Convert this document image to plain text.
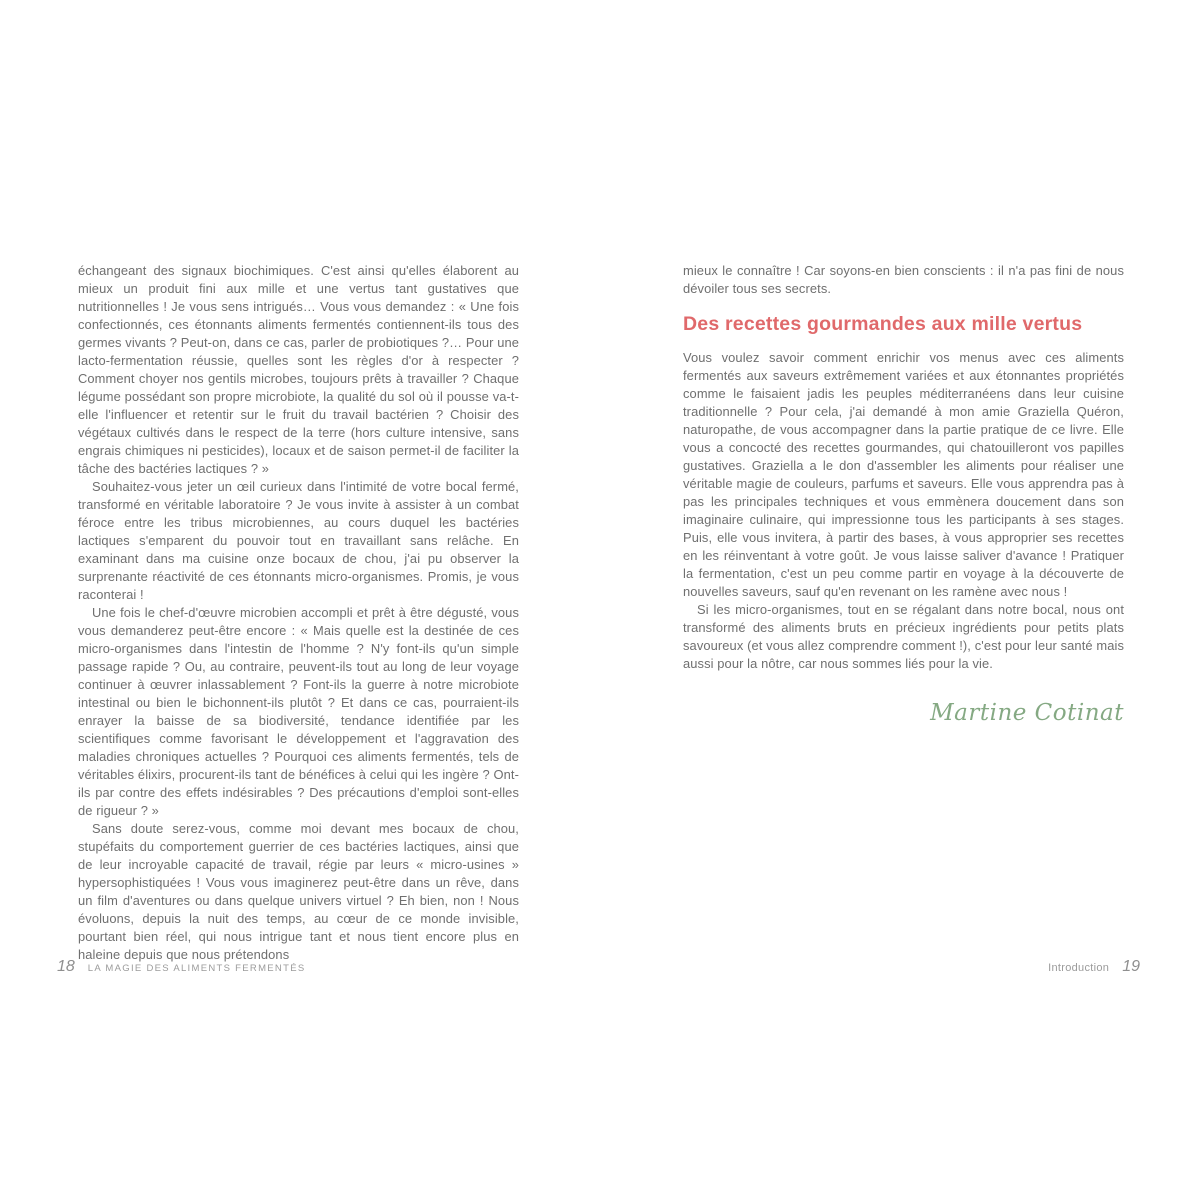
échangeant des signaux biochimiques. C'est ainsi qu'elles élaborent au mieux un produit fini aux mille et une vertus tant gustatives que nutritionnelles ! Je vous sens intrigués… Vous vous demandez : « Une fois confectionnés, ces étonnants aliments fermentés contiennent-ils tous des germes vivants ? Peut-on, dans ce cas, parler de probiotiques ?… Pour une lacto-fermentation réussie, quelles sont les règles d'or à respecter ? Comment choyer nos gentils microbes, toujours prêts à travailler ? Chaque légume possédant son propre microbiote, la qualité du sol où il pousse va-t-elle l'influencer et retentir sur le fruit du travail bactérien ? Choisir des végétaux cultivés dans le respect de la terre (hors culture intensive, sans engrais chimiques ni pesticides), locaux et de saison permet-il de faciliter la tâche des bactéries lactiques ? »

Souhaitez-vous jeter un œil curieux dans l'intimité de votre bocal fermé, transformé en véritable laboratoire ? Je vous invite à assister à un combat féroce entre les tribus microbiennes, au cours duquel les bactéries lactiques s'emparent du pouvoir tout en travaillant sans relâche. En examinant dans ma cuisine onze bocaux de chou, j'ai pu observer la surprenante réactivité de ces étonnants micro-organismes. Promis, je vous raconterai !

Une fois le chef-d'œuvre microbien accompli et prêt à être dégusté, vous vous demanderez peut-être encore : « Mais quelle est la destinée de ces micro-organismes dans l'intestin de l'homme ? N'y font-ils qu'un simple passage rapide ? Ou, au contraire, peuvent-ils tout au long de leur voyage continuer à œuvrer inlassablement ? Font-ils la guerre à notre microbiote intestinal ou bien le bichonnent-ils plutôt ? Et dans ce cas, pourraient-ils enrayer la baisse de sa biodiversité, tendance identifiée par les scientifiques comme favorisant le développement et l'aggravation des maladies chroniques actuelles ? Pourquoi ces aliments fermentés, tels de véritables élixirs, procurent-ils tant de bénéfices à celui qui les ingère ? Ont-ils par contre des effets indésirables ? Des précautions d'emploi sont-elles de rigueur ? »

Sans doute serez-vous, comme moi devant mes bocaux de chou, stupéfaits du comportement guerrier de ces bactéries lactiques, ainsi que de leur incroyable capacité de travail, régie par leurs « micro-usines » hypersophistiquées ! Vous vous imaginerez peut-être dans un rêve, dans un film d'aventures ou dans quelque univers virtuel ? Eh bien, non ! Nous évoluons, depuis la nuit des temps, au cœur de ce monde invisible, pourtant bien réel, qui nous intrigue tant et nous tient encore plus en haleine depuis que nous prétendons

mieux le connaître ! Car soyons-en bien conscients : il n'a pas fini de nous dévoiler tous ses secrets.

Des recettes gourmandes aux mille vertus

Vous voulez savoir comment enrichir vos menus avec ces aliments fermentés aux saveurs extrêmement variées et aux étonnantes propriétés comme le faisaient jadis les peuples méditerranéens dans leur cuisine traditionnelle ? Pour cela, j'ai demandé à mon amie Graziella Quéron, naturopathe, de vous accompagner dans la partie pratique de ce livre. Elle vous a concocté des recettes gourmandes, qui chatouilleront vos papilles gustatives. Graziella a le don d'assembler les aliments pour réaliser une véritable magie de couleurs, parfums et saveurs. Elle vous apprendra pas à pas les principales techniques et vous emmènera doucement dans son imaginaire culinaire, qui impressionne tous les participants à ses stages. Puis, elle vous invitera, à partir des bases, à vous approprier ses recettes en les réinventant à votre goût. Je vous laisse saliver d'avance ! Pratiquer la fermentation, c'est un peu comme partir en voyage à la découverte de nouvelles saveurs, sauf qu'en revenant on les ramène avec nous !

Si les micro-organismes, tout en se régalant dans notre bocal, nous ont transformé des aliments bruts en précieux ingrédients pour petits plats savoureux (et vous allez comprendre comment !), c'est pour leur santé mais aussi pour la nôtre, car nous sommes liés pour la vie.

Martine Cotinat
18 LA MAGIE DES ALIMENTS FERMENTÉS	Introduction 19
